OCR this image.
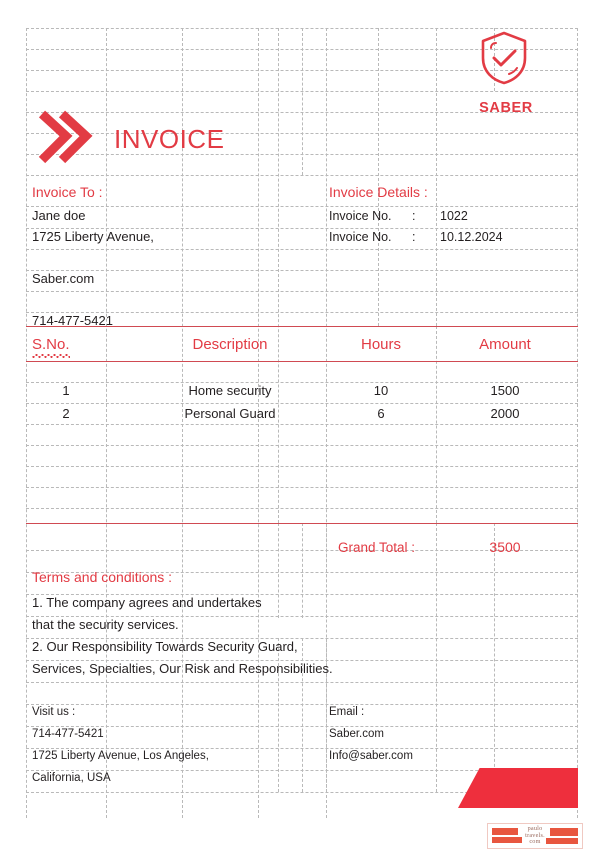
INVOICE
SABER
Invoice To :
Jane doe
1725 Liberty Avenue,
Saber.com
714-477-5421
Invoice Details :
Invoice No. : 1022
Invoice No. : 10.12.2024
S.No.	Description	Hours	Amount
1	Home security	10	1500
2	Personal Guard	6	2000
Grand Total :	3500
Terms and conditions :
1. The company agrees and undertakes
that the security services.
2. Our Responsibility Towards Security Guard,
Services, Specialties, Our Risk and Responsibilities.
Visit us :
714-477-5421
1725 Liberty Avenue, Los Angeles,
California, USA
Email :
Saber.com
Info@saber.com
paulo
travels.
com
